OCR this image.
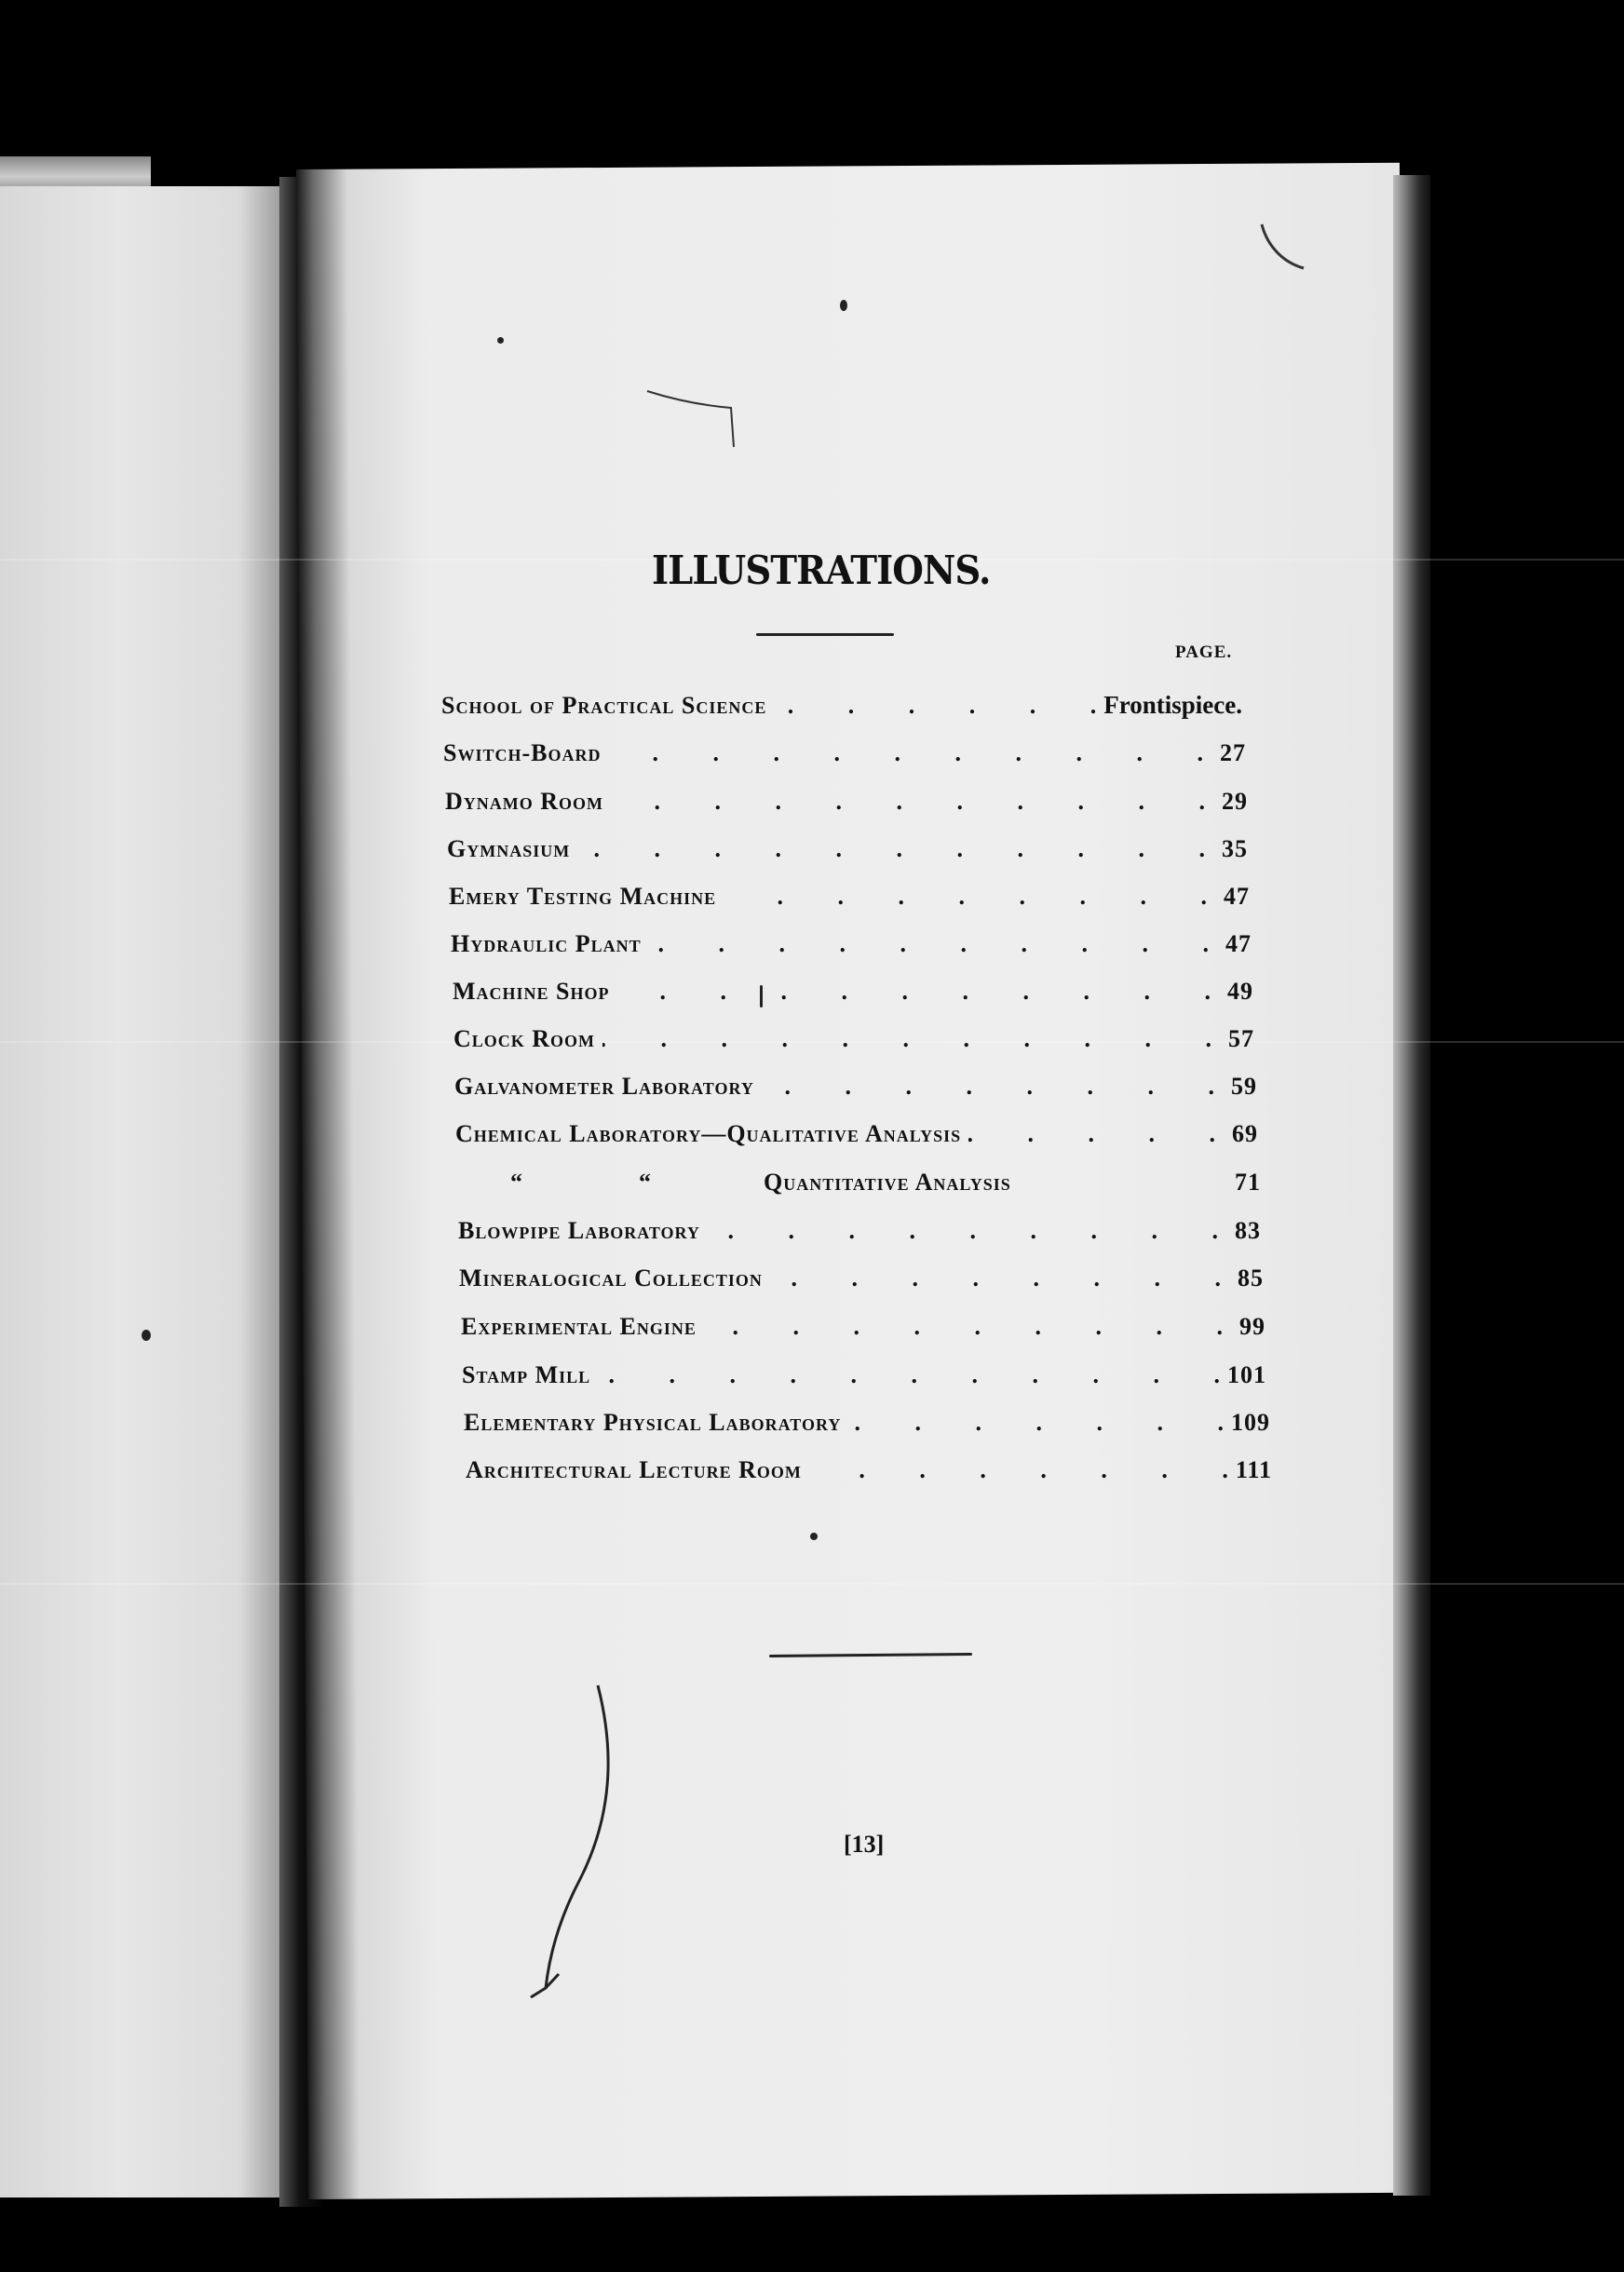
ILLUSTRATIONS.
PAGE.
School of Practical Science .	Frontispiece.
Switch-Board .	27
Dynamo Room .	29
Gymnasium .	35
Emery Testing Machine .	47
Hydraulic Plant .	47
Machine Shop .	49
Clock Room .	57
Galvanometer Laboratory .	59
Chemical Laboratory—Qualitative Analysis .	69
“	“	Quantitative Analysis	71
Blowpipe Laboratory .	83
Mineralogical Collection .	85
Experimental Engine .	99
Stamp Mill .	101
Elementary Physical Laboratory .	109
Architectural Lecture Room .	111
[13]
